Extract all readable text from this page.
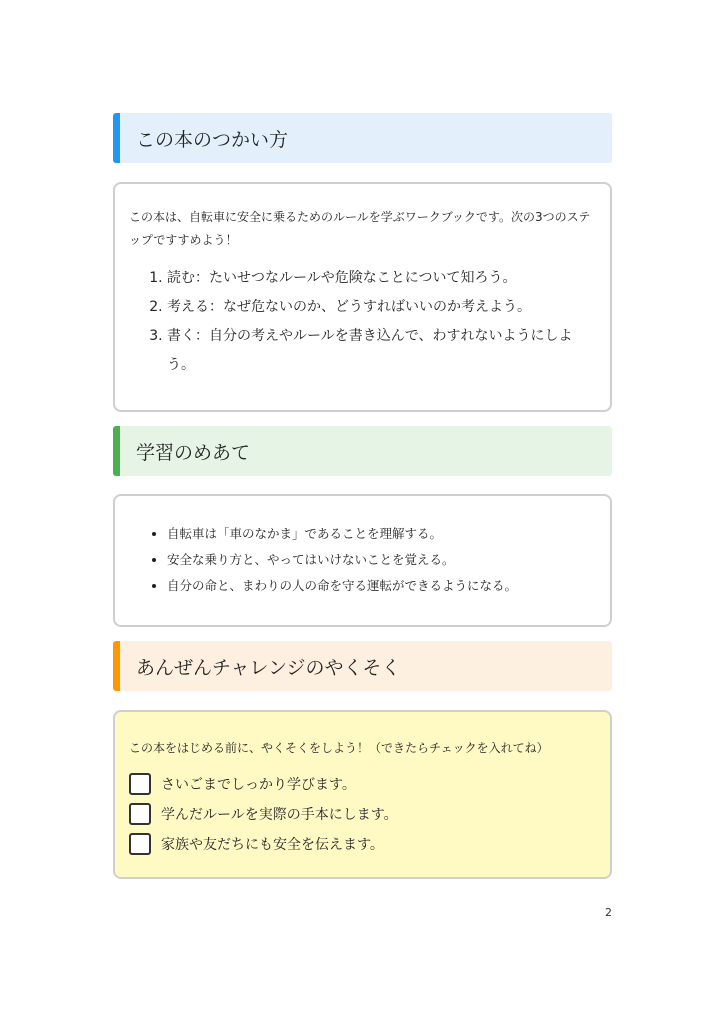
この本のつかい方
この本は、自転車に安全に乗るためのルールを学ぶワークブックです。次の3つのステップですすめよう！
1. 読む：たいせつなルールや危険なことについて知ろう。
2. 考える：なぜ危ないのか、どうすればいいのか考えよう。
3. 書く：自分の考えやルールを書き込んで、わすれないようにしよう。
学習のめあて
• 自転車は「車のなかま」であることを理解する。
• 安全な乗り方と、やってはいけないことを覚える。
• 自分の命と、まわりの人の命を守る運転ができるようになる。
あんぜんチャレンジのやくそく
この本をはじめる前に、やくそくをしよう！（できたらチェックを入れてね）
さいごまでしっかり学びます。
学んだルールを実際の手本にします。
家族や友だちにも安全を伝えます。
2
